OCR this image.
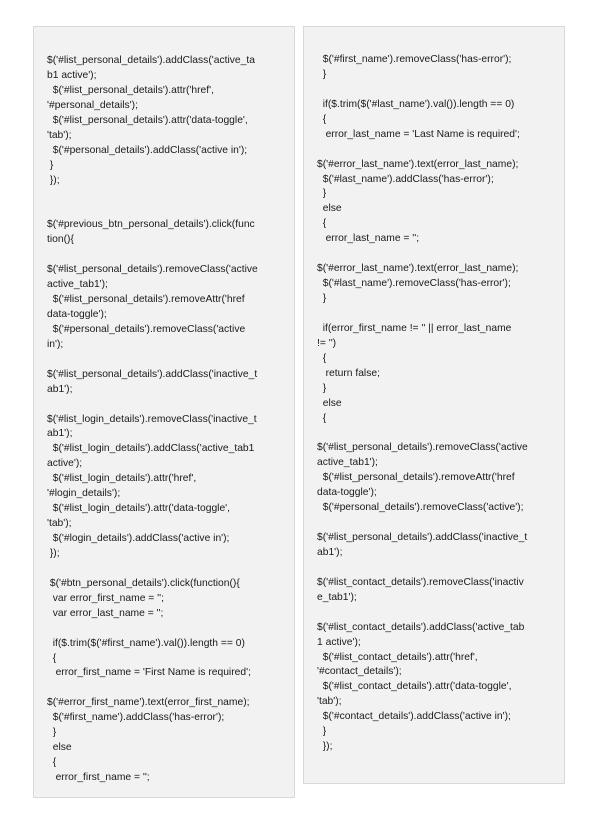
$('#list_personal_details').addClass('active_ta
b1 active');
$('#list_personal_details').attr('href',
'#personal_details');
$('#list_personal_details').attr('data-toggle',
'tab');
$('#personal_details').addClass('active in');
}
});
$('#previous_btn_personal_details').click(func
tion(){
$('#list_personal_details').removeClass('active
active_tab1');
$('#list_personal_details').removeAttr('href
data-toggle');
$('#personal_details').removeClass('active
in');
$('#list_personal_details').addClass('inactive_t
ab1');
$('#list_login_details').removeClass('inactive_t
ab1');
$('#list_login_details').addClass('active_tab1
active');
$('#list_login_details').attr('href',
'#login_details');
$('#list_login_details').attr('data-toggle',
'tab');
$('#login_details').addClass('active in');
});
$('#btn_personal_details').click(function(){
var error_first_name = '';
var error_last_name = '';
if($.trim($('#first_name').val()).length == 0)
{
error_first_name = 'First Name is required';
$('#error_first_name').text(error_first_name);
$('#first_name').addClass('has-error');
}
else
{
error_first_name = '';
$('#first_name').removeClass('has-error');
}
if($.trim($('#last_name').val()).length == 0)
{
error_last_name = 'Last Name is required';
$('#error_last_name').text(error_last_name);
$('#last_name').addClass('has-error');
}
else
{
error_last_name = '';
$('#error_last_name').text(error_last_name);
$('#last_name').removeClass('has-error');
}
if(error_first_name != '' || error_last_name
!= '')
{
return false;
}
else
{
$('#list_personal_details').removeClass('active
active_tab1');
$('#list_personal_details').removeAttr('href
data-toggle');
$('#personal_details').removeClass('active');
$('#list_personal_details').addClass('inactive_t
ab1');
$('#list_contact_details').removeClass('inactiv
e_tab1');
$('#list_contact_details').addClass('active_tab
1 active');
$('#list_contact_details').attr('href',
'#contact_details');
$('#list_contact_details').attr('data-toggle',
'tab');
$('#contact_details').addClass('active in');
}
});
